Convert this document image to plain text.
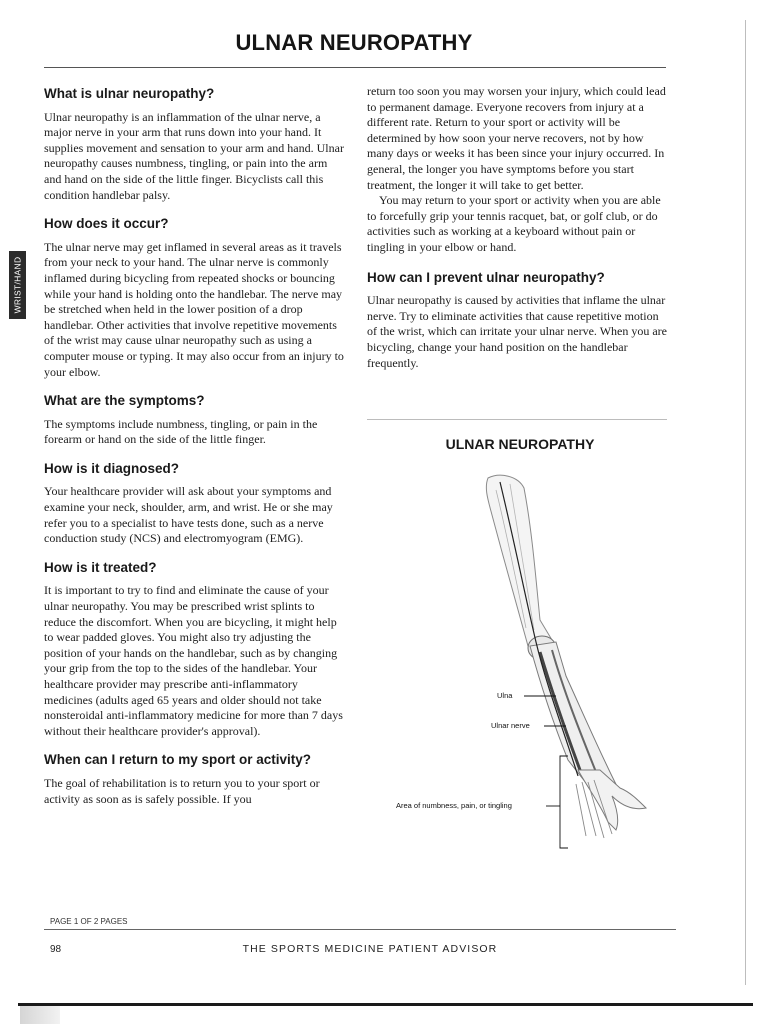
ULNAR NEUROPATHY
WRIST/HAND
What is ulnar neuropathy?

Ulnar neuropathy is an inflammation of the ulnar nerve, a major nerve in your arm that runs down into your hand. It supplies movement and sensation to your arm and hand. Ulnar neuropathy causes numbness, tingling, or pain into the arm and hand on the side of the little finger. Bicyclists call this condition handlebar palsy.

How does it occur?

The ulnar nerve may get inflamed in several areas as it travels from your neck to your hand. The ulnar nerve is commonly inflamed during bicycling from repeated shocks or bouncing while your hand is holding onto the handlebar. The nerve may be stretched when held in the lower position of a drop handlebar. Other activities that involve repetitive movements of the wrist may cause ulnar neuropathy such as using a computer mouse or typing. It may also occur from an injury to your elbow.

What are the symptoms?

The symptoms include numbness, tingling, or pain in the forearm or hand on the side of the little finger.

How is it diagnosed?

Your healthcare provider will ask about your symptoms and examine your neck, shoulder, arm, and wrist. He or she may refer you to a specialist to have tests done, such as a nerve conduction study (NCS) and electromyogram (EMG).

How is it treated?

It is important to try to find and eliminate the cause of your ulnar neuropathy. You may be prescribed wrist splints to reduce the discomfort. When you are bicycling, it might help to wear padded gloves. You might also try adjusting the position of your hands on the handlebar, such as by changing your grip from the top to the sides of the handlebar. Your healthcare provider may prescribe anti-inflammatory medicines (adults aged 65 years and older should not take nonsteroidal anti-inflammatory medicine for more than 7 days without their healthcare provider's approval).

When can I return to my sport or activity?

The goal of rehabilitation is to return you to your sport or activity as soon as is safely possible. If you

return too soon you may worsen your injury, which could lead to permanent damage. Everyone recovers from injury at a different rate. Return to your sport or activity will be determined by how soon your nerve recovers, not by how many days or weeks it has been since your injury occurred. In general, the longer you have symptoms before you start treatment, the longer it will take to get better.

You may return to your sport or activity when you are able to forcefully grip your tennis racquet, bat, or golf club, or do activities such as working at a keyboard without pain or tingling in your elbow or hand.

How can I prevent ulnar neuropathy?

Ulnar neuropathy is caused by activities that inflame the ulnar nerve. Try to eliminate activities that cause repetitive motion of the wrist, which can irritate your ulnar nerve. When you are bicycling, change your hand position on the handlebar frequently.

ULNAR NEUROPATHY
Ulna
Ulnar nerve
Area of numbness, pain, or tingling
PAGE 1 OF 2 PAGES
98	THE SPORTS MEDICINE PATIENT ADVISOR
